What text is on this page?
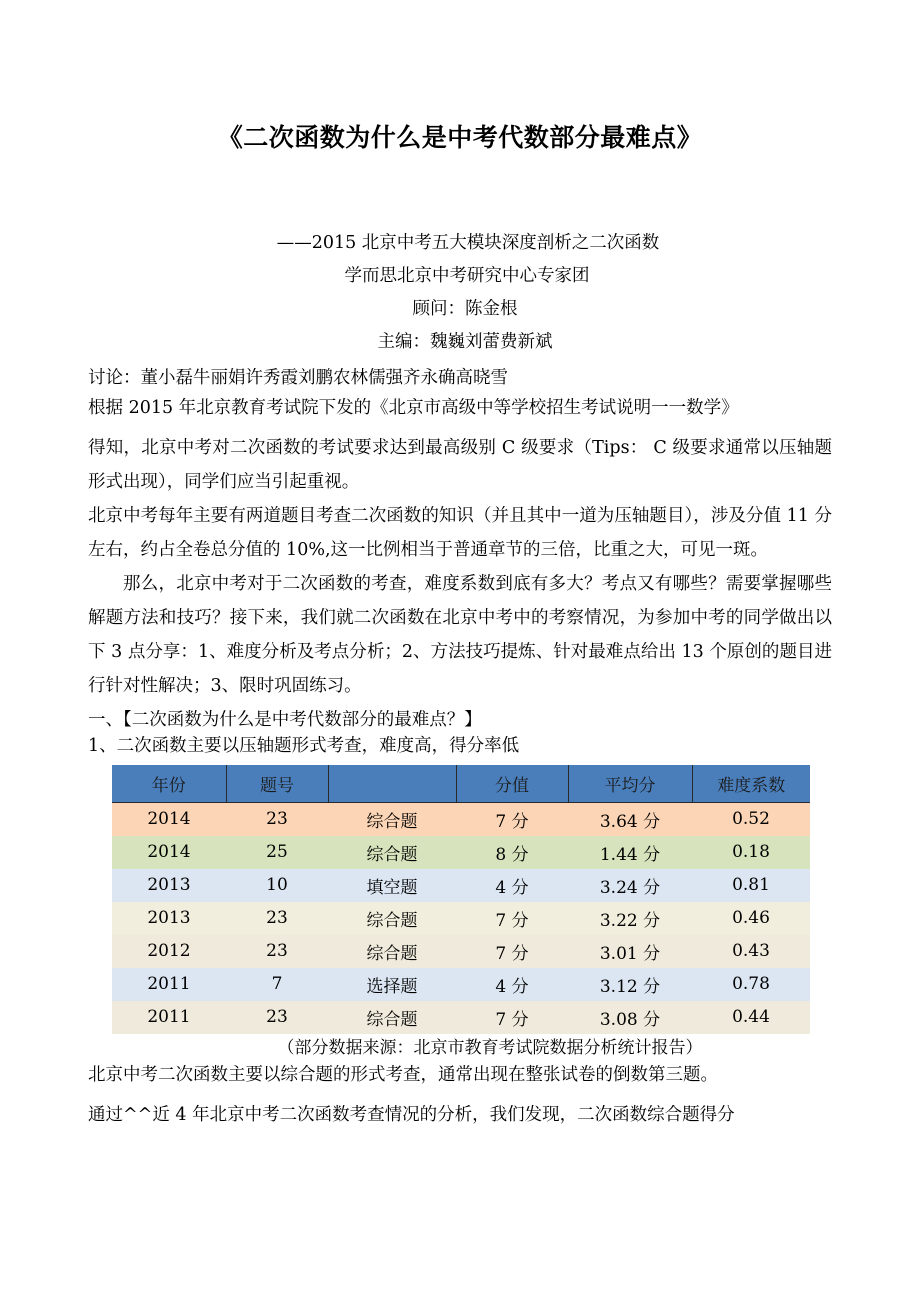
《二次函数为什么是中考代数部分最难点》
——2015 北京中考五大模块深度剖析之二次函数
学而思北京中考研究中心专家团
顾问：陈金根
主编：魏巍刘蕾费新斌
讨论：董小磊牛丽娟许秀霞刘鹏农林儒强齐永确高晓雪
根据 2015 年北京教育考试院下发的《北京市高级中等学校招生考试说明一一数学》

得知，北京中考对二次函数的考试要求达到最高级别 C 级要求（Tips： C 级要求通常以压轴题形式出现），同学们应当引起重视。

北京中考每年主要有两道题目考查二次函数的知识（并且其中一道为压轴题目），涉及分值 11 分左右，约占全卷总分值的 10%,这一比例相当于普通章节的三倍，比重之大，可见一斑。

那么，北京中考对于二次函数的考查，难度系数到底有多大？考点又有哪些？需要掌握哪些解题方法和技巧？接下来，我们就二次函数在北京中考中的考察情况，为参加中考的同学做出以下 3 点分享：1、难度分析及考点分析；2、方法技巧提炼、针对最难点给出 13 个原创的题目进行针对性解决；3、限时巩固练习。

一、【二次函数为什么是中考代数部分的最难点？】
1、二次函数主要以压轴题形式考查，难度高，得分率低
年份	题号		分值	平均分	难度系数
2014	23	综合题	7 分	3.64 分	0.52
2014	25	综合题	8 分	1.44 分	0.18
2013	10	填空题	4 分	3.24 分	0.81
2013	23	综合题	7 分	3.22 分	0.46
2012	23	综合题	7 分	3.01 分	0.43
2011	7	选择题	4 分	3.12 分	0.78
2011	23	综合题	7 分	3.08 分	0.44
（部分数据来源：北京市教育考试院数据分析统计报告）
北京中考二次函数主要以综合题的形式考查，通常出现在整张试卷的倒数第三题。
通过^^近 4 年北京中考二次函数考查情况的分析，我们发现，二次函数综合题得分
